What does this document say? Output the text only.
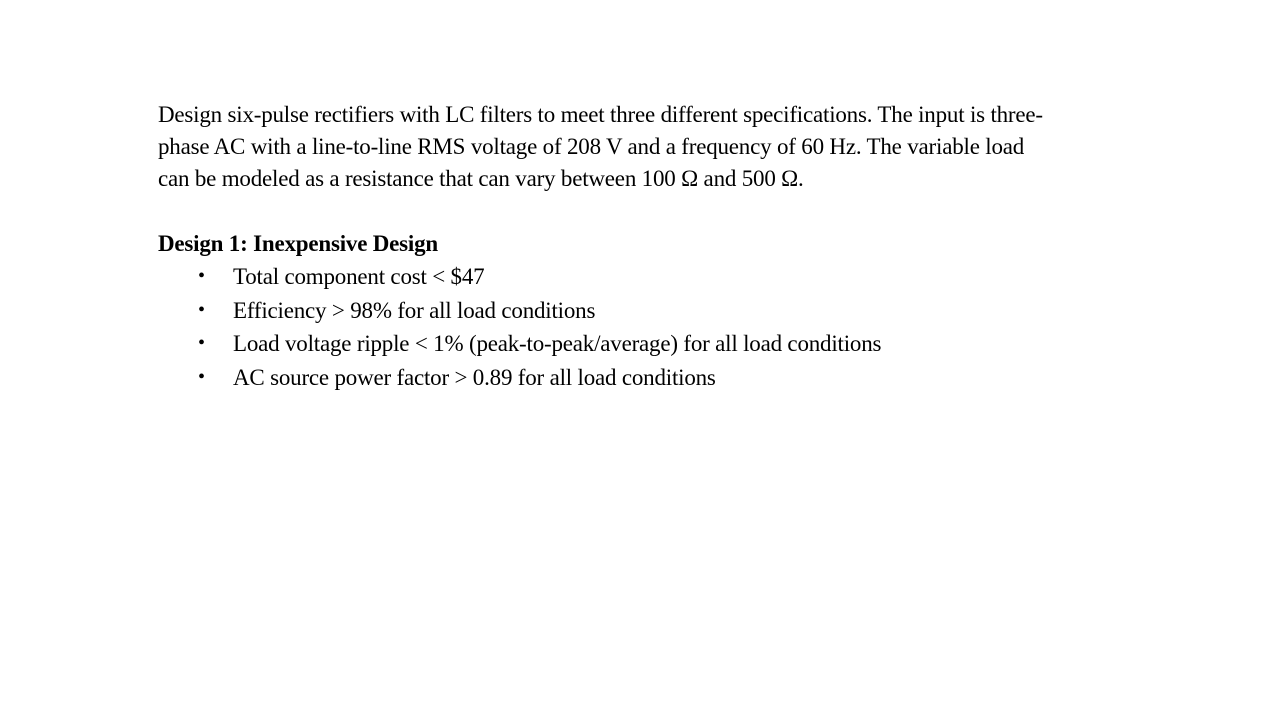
Design six-pulse rectifiers with LC filters to meet three different specifications. The input is three-
phase AC with a line-to-line RMS voltage of 208 V and a frequency of 60 Hz. The variable load
can be modeled as a resistance that can vary between 100 Ω and 500 Ω.

Design 1: Inexpensive Design
• Total component cost < $47
• Efficiency > 98% for all load conditions
• Load voltage ripple < 1% (peak-to-peak/average) for all load conditions
• AC source power factor > 0.89 for all load conditions
